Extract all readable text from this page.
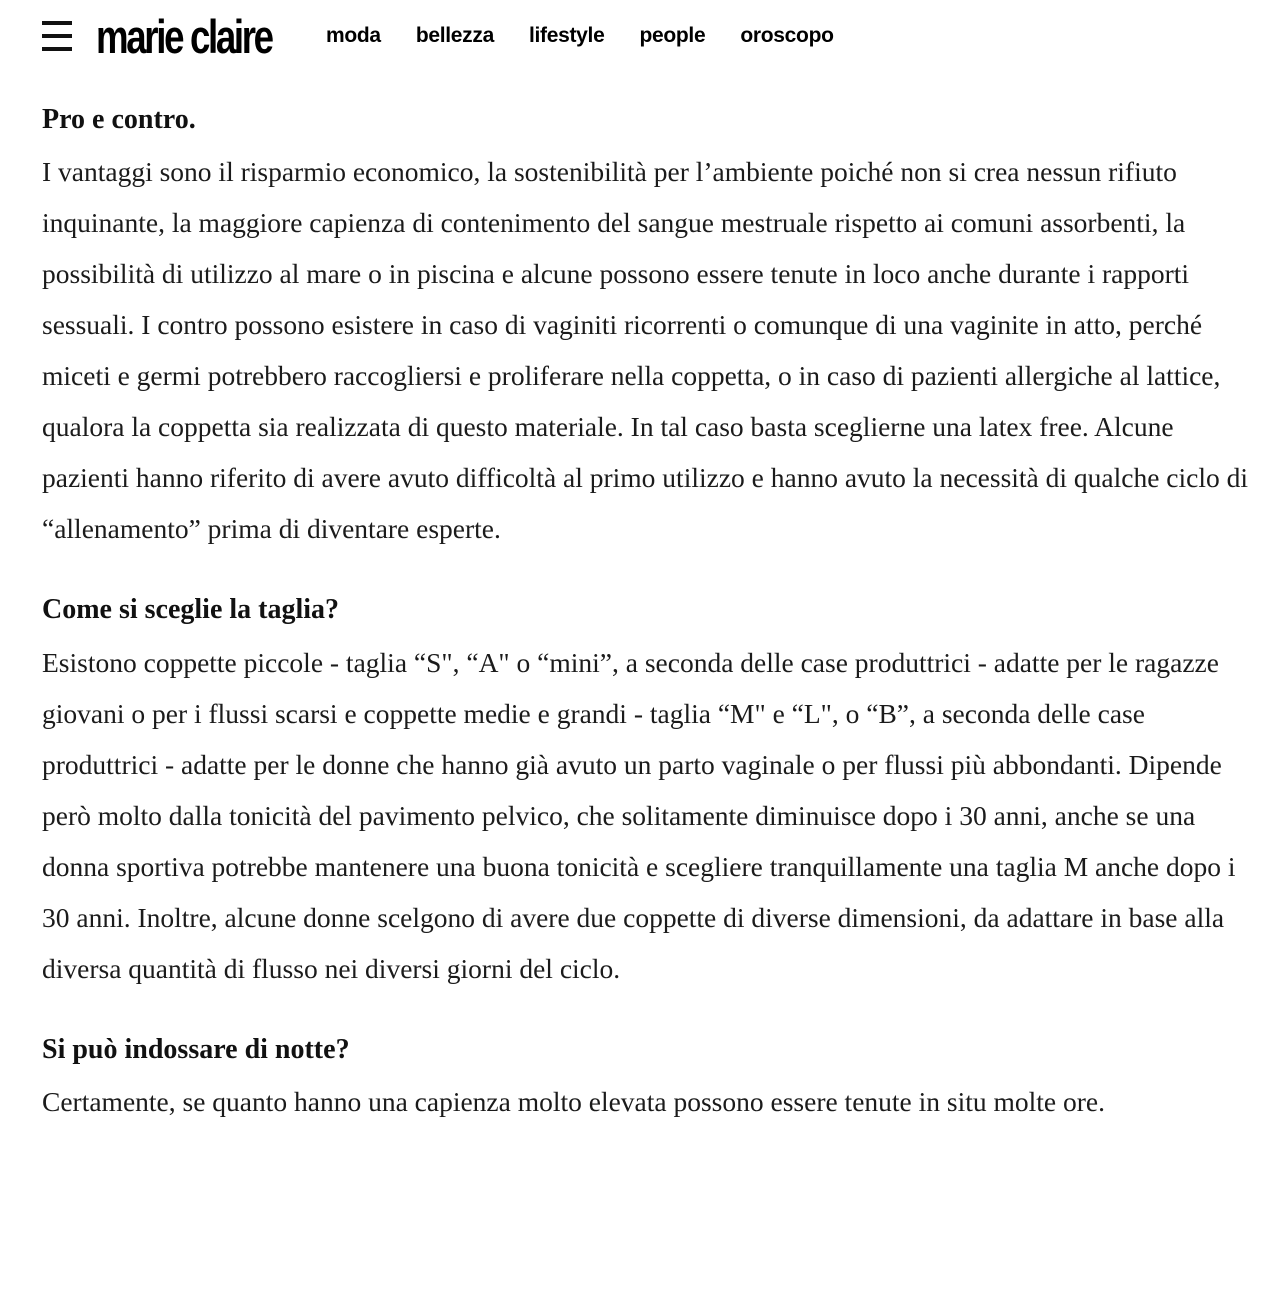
marie claire	moda bellezza lifestyle people oroscopo
Pro e contro.

I vantaggi sono il risparmio economico, la sostenibilità per l’ambiente poiché non si crea nessun rifiuto inquinante, la maggiore capienza di contenimento del sangue mestruale rispetto ai comuni assorbenti, la possibilità di utilizzo al mare o in piscina e alcune possono essere tenute in loco anche durante i rapporti sessuali. I contro possono esistere in caso di vaginiti ricorrenti o comunque di una vaginite in atto, perché miceti e germi potrebbero raccogliersi e proliferare nella coppetta, o in caso di pazienti allergiche al lattice, qualora la coppetta sia realizzata di questo materiale. In tal caso basta sceglierne una latex free. Alcune pazienti hanno riferito di avere avuto difficoltà al primo utilizzo e hanno avuto la necessità di qualche ciclo di “allenamento” prima di diventare esperte.

Come si sceglie la taglia?

Esistono coppette piccole - taglia “S", “A" o “mini”, a seconda delle case produttrici - adatte per le ragazze giovani o per i flussi scarsi e coppette medie e grandi - taglia “M" e “L", o “B”, a seconda delle case produttrici - adatte per le donne che hanno già avuto un parto vaginale o per flussi più abbondanti. Dipende però molto dalla tonicità del pavimento pelvico, che solitamente diminuisce dopo i 30 anni, anche se una donna sportiva potrebbe mantenere una buona tonicità e scegliere tranquillamente una taglia M anche dopo i 30 anni. Inoltre, alcune donne scelgono di avere due coppette di diverse dimensioni, da adattare in base alla diversa quantità di flusso nei diversi giorni del ciclo.

Si può indossare di notte?

Certamente, se quanto hanno una capienza molto elevata possono essere tenute in situ molte ore.
